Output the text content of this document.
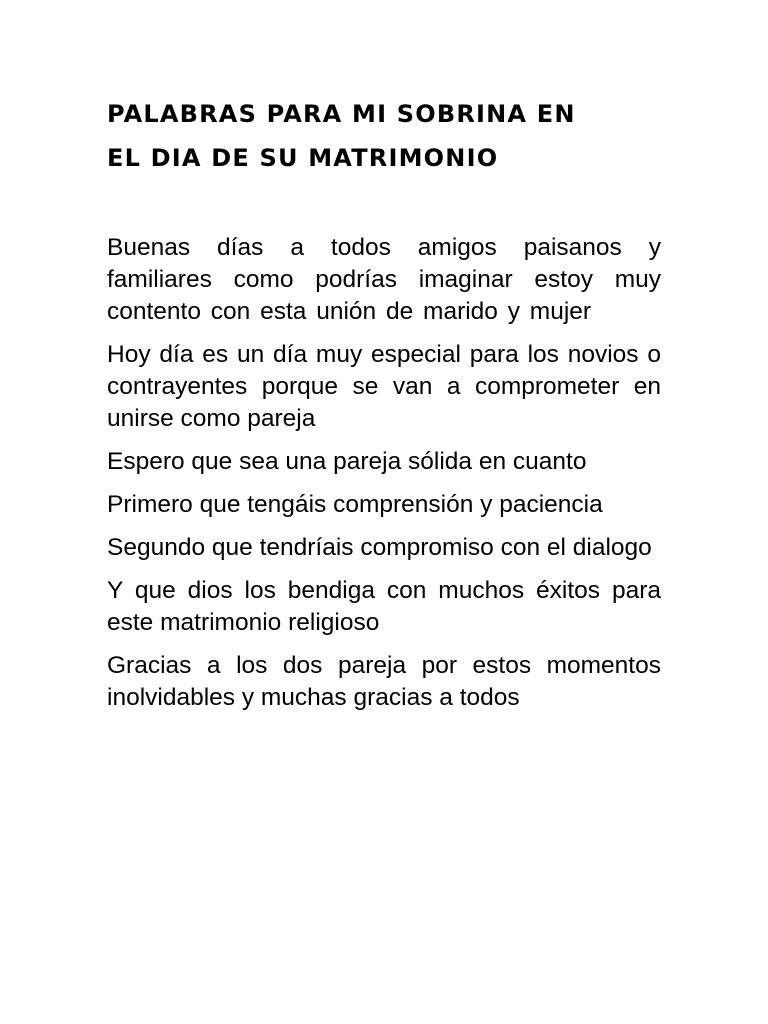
PALABRAS PARA MI SOBRINA EN
EL DIA DE SU MATRIMONIO

Buenas días a todos amigos paisanos y familiares como podrías imaginar estoy muy contento con esta unión de marido y mujer

Hoy día es un día muy especial para los novios o contrayentes porque se van a comprometer en unirse como pareja

Espero que sea una pareja sólida en cuanto

Primero que tengáis comprensión y paciencia

Segundo que tendríais compromiso con el dialogo

Y que dios los bendiga con muchos éxitos para este matrimonio religioso

Gracias a los dos pareja por estos momentos inolvidables y muchas gracias a todos
